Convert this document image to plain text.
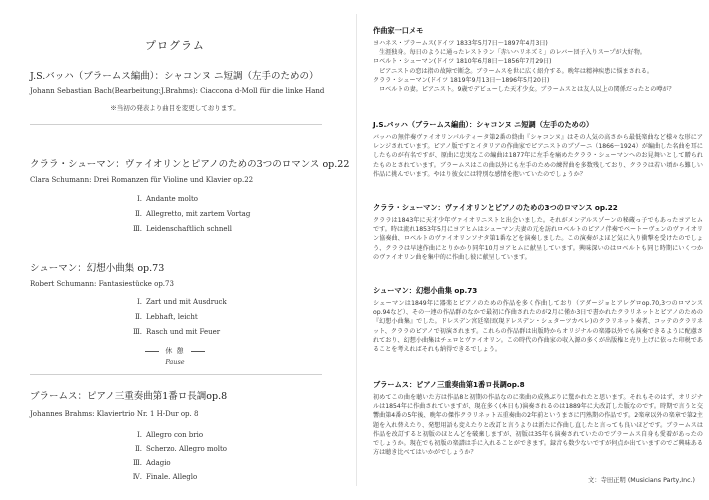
プログラム
J.S.バッハ（ブラームス編曲）：シャコンヌ ニ短調（左手のための）
Johann Sebastian Bach(Bearbeitung:J.Brahms): Ciaccona d-Moll für die linke Hand
※当初の発表より曲目を変更しております。
クララ・シューマン：ヴァイオリンとピアノのための3つのロマンス op.22
Clara Schumann: Drei Romanzen für Violine und Klavier op.22
Ⅰ. Andante molto
Ⅱ. Allegretto, mit zartem Vortag
Ⅲ. Leidenschaftlich schnell
シューマン：幻想小曲集 op.73
Robert Schumann: Fantasiestücke op.73
Ⅰ. Zart und mit Ausdruck
Ⅱ. Lebhaft, leicht
Ⅲ. Rasch und mit Feuer
休 憩
Pause
ブラームス：ピアノ三重奏曲第1番ロ長調op.8
Johannes Brahms: Klaviertrio Nr. 1 H-Dur op. 8
Ⅰ. Allegro con brio
Ⅱ. Scherzo. Allegro molto
Ⅲ. Adagio
Ⅳ. Finale. Alleglo
作曲家一口メモ

ヨハネス・ブラームス(ドイツ 1833年5月7日〜1897年4月3日)

　生涯独身。毎日のように通ったレストラン「赤いハリネズミ」のレバー団子入りスープが大好物。

ロベルト・シューマン(ドイツ 1810年6月8日〜1856年7月29日)

　ピアニストの恋は指の故障で断念。ブラームスを世に広く紹介する。晩年は精神疾患に悩まされる。

クララ・シューマン(ドイツ 1819年9月13日〜1896年5月20日)

　ロベルトの妻。ピアニスト。9歳でデビューした天才少女。ブラームスとは友人以上の関係だったとの噂が？

J.S.バッハ（ブラームス編曲）：シャコンヌ ニ短調（左手のための）
バッハの無伴奏ヴァイオリンパルティータ第2番の終曲『シャコンヌ』はその人気の高さから最低楽曲など様々な形にアレンジされています。ピアノ版ですとイタリアの作曲家でピアニストのブゾーニ（1866〜1924）が編曲した名曲を耳にしたものが有名ですが、原曲に忠実なこの編曲は1877年に左手を痛めたクララ・シューマンへのお見舞いとして贈られたものとされています。ブラームスはこの曲以外にも左手のための練習曲を多数残しており、クララは若い頃から難しい作品に挑んでいます。やはり彼女には特別な感情を抱いていたのでしょうか？
クララ・シューマン：ヴァイオリンとピアノのための3つのロマンス op.22
クララは1843年に天才少年ヴァイオリニストと出会いました。それがメンデルスゾーンの秘蔵っ子でもあったヨアヒムです。時は流れ1853年5月にヨアヒムはシューマン夫妻の元を訪れロベルトのピアノ伴奏でベートーヴェンのヴァイオリン協奏曲、ロベルトのヴァイオリンソナタ第1番などを演奏しました。この演奏がよほど気に入り衝撃を受けたのでしょう、クララは早速作曲にとりかかり同年10月ヨアヒムに献呈しています。興味深いのはロベルトも同じ時期にいくつかのヴァイオリン曲を集中的に作曲し彼に献呈しています。
シューマン：幻想小曲集 op.73
シューマンは1849年に器楽とピアノのための作品を多く作曲しており（アダージョとアレグロop.70,3つのロマンス op.94など）、その一連の作品群のなかで最初に作曲されたのが2月に僅か3日で書かれたクラリネットとピアノのための『幻想小曲集』でした。ドレスデン宮廷楽団(現ドレスデン・シュターツカペレ)のクラリネット奏者、コッテのクラリネット、クララのピアノで初演されます。これらの作品群は出版時からオリジナルの楽器以外でも演奏できるように配慮されており、幻想小曲集はチェロとヴァイオリン。この時代の作曲家の収入源の多くが出版権と売り上げに依った印税であることを考えればそれも納得できるでしょう。
ブラームス：ピアノ三重奏曲第1番ロ長調op.8
初めてこの曲を聴いた方は作品8と初期の作品なのに楽曲の成熟ぶりに驚かれたと思います。それもそのはず、オリジナルは1854年に作曲されていますが、現在多く(本日も)演奏されるのは1889年に大改訂した版なのです。時期で言うと交響曲第4番の5年後、晩年の傑作クラリネット五重奏曲の2年前というまさに円熟期の作品です。2楽章以外の楽章で第2主題を入れ替えたり、発想用語も変えたりと改訂と言うよりは新たに作曲し直したと言っても良いほどです。ブラームスは作品を改訂すると初版のほとんどを破棄しますが、初版は35年も演奏されていたのでブラームス自身も愛着があったのでしょうか。現在でも初版の楽譜は手に入れることができます。録音も数少ないですが何点か出ていますのでご興味ある方は聴き比べてはいかがでしょうか？
文：寺田正明 (Musicians Party,Inc.)
